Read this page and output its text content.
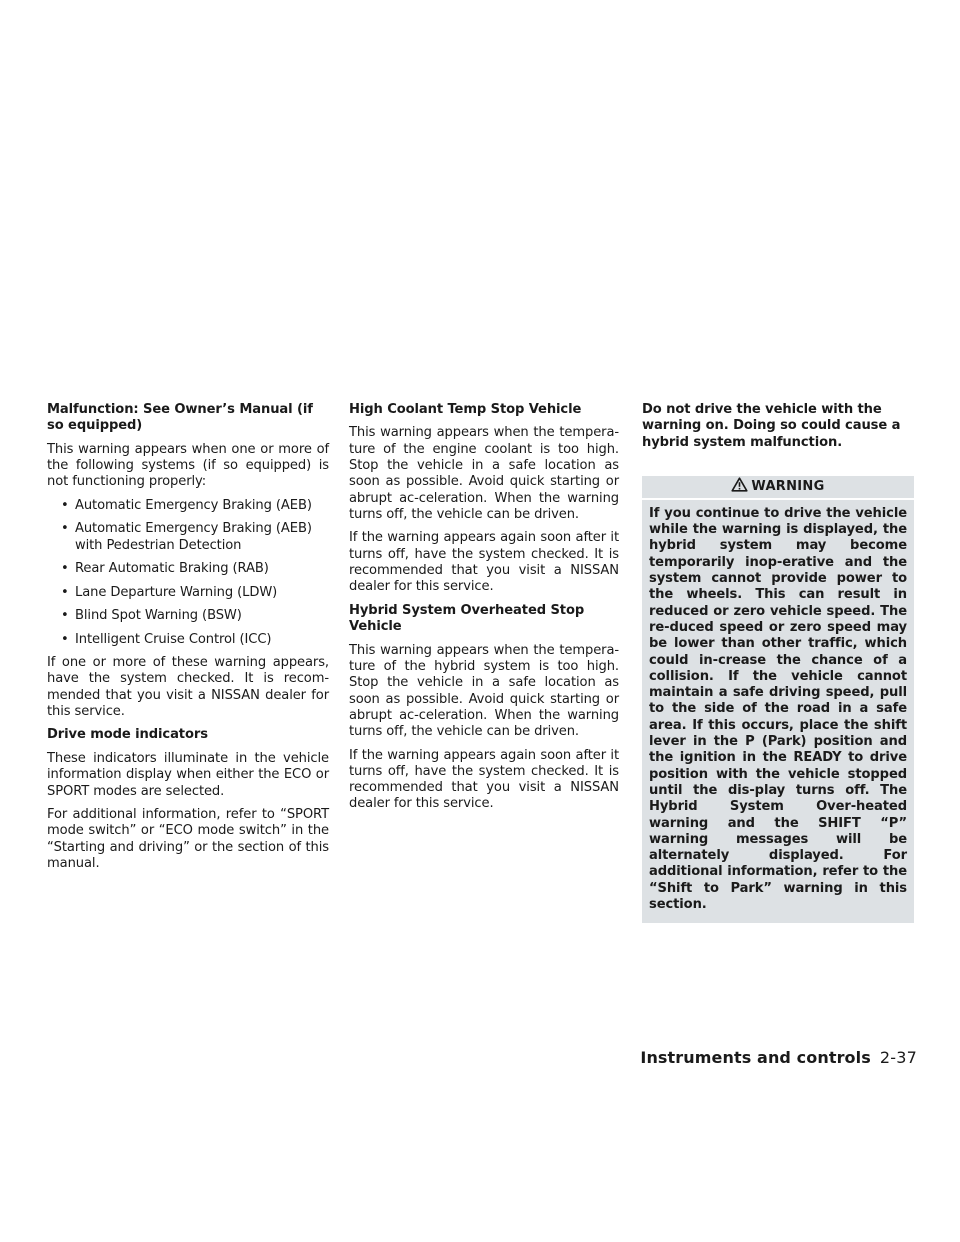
Malfunction: See Owner’s Manual (if so equipped)

This warning appears when one or more of the following systems (if so equipped) is not functioning properly:

• Automatic Emergency Braking (AEB)
• Automatic Emergency Braking (AEB) with Pedestrian Detection
• Rear Automatic Braking (RAB)
• Lane Departure Warning (LDW)
• Blind Spot Warning (BSW)
• Intelligent Cruise Control (ICC)

If one or more of these warning appears, have the system checked. It is recom-mended that you visit a NISSAN dealer for this service.

Drive mode indicators

These indicators illuminate in the vehicle information display when either the ECO or SPORT modes are selected.

For additional information, refer to “SPORT mode switch” or “ECO mode switch” in the “Starting and driving” or the section of this manual.

High Coolant Temp Stop Vehicle

This warning appears when the tempera-ture of the engine coolant is too high. Stop the vehicle in a safe location as soon as possible. Avoid quick starting or abrupt ac-celeration. When the warning turns off, the vehicle can be driven.

If the warning appears again soon after it turns off, have the system checked. It is recommended that you visit a NISSAN dealer for this service.

Hybrid System Overheated Stop Vehicle

This warning appears when the tempera-ture of the hybrid system is too high. Stop the vehicle in a safe location as soon as possible. Avoid quick starting or abrupt ac-celeration. When the warning turns off, the vehicle can be driven.

If the warning appears again soon after it turns off, have the system checked. It is recommended that you visit a NISSAN dealer for this service.

Do not drive the vehicle with the warning on. Doing so could cause a hybrid system malfunction.
WARNING
If you continue to drive the vehicle while the warning is displayed, the hybrid system may become temporarily inop-erative and the system cannot provide power to the wheels. This can result in reduced or zero vehicle speed. The re-duced speed or zero speed may be lower than other traffic, which could in-crease the chance of a collision. If the vehicle cannot maintain a safe driving speed, pull to the side of the road in a safe area. If this occurs, place the shift lever in the P (Park) position and the ignition in the READY to drive position with the vehicle stopped until the dis-play turns off. The Hybrid System Over-heated warning and the SHIFT “P” warning messages will be alternately displayed. For additional information, refer to the “Shift to Park” warning in this section.
Instruments and controls 2-37
